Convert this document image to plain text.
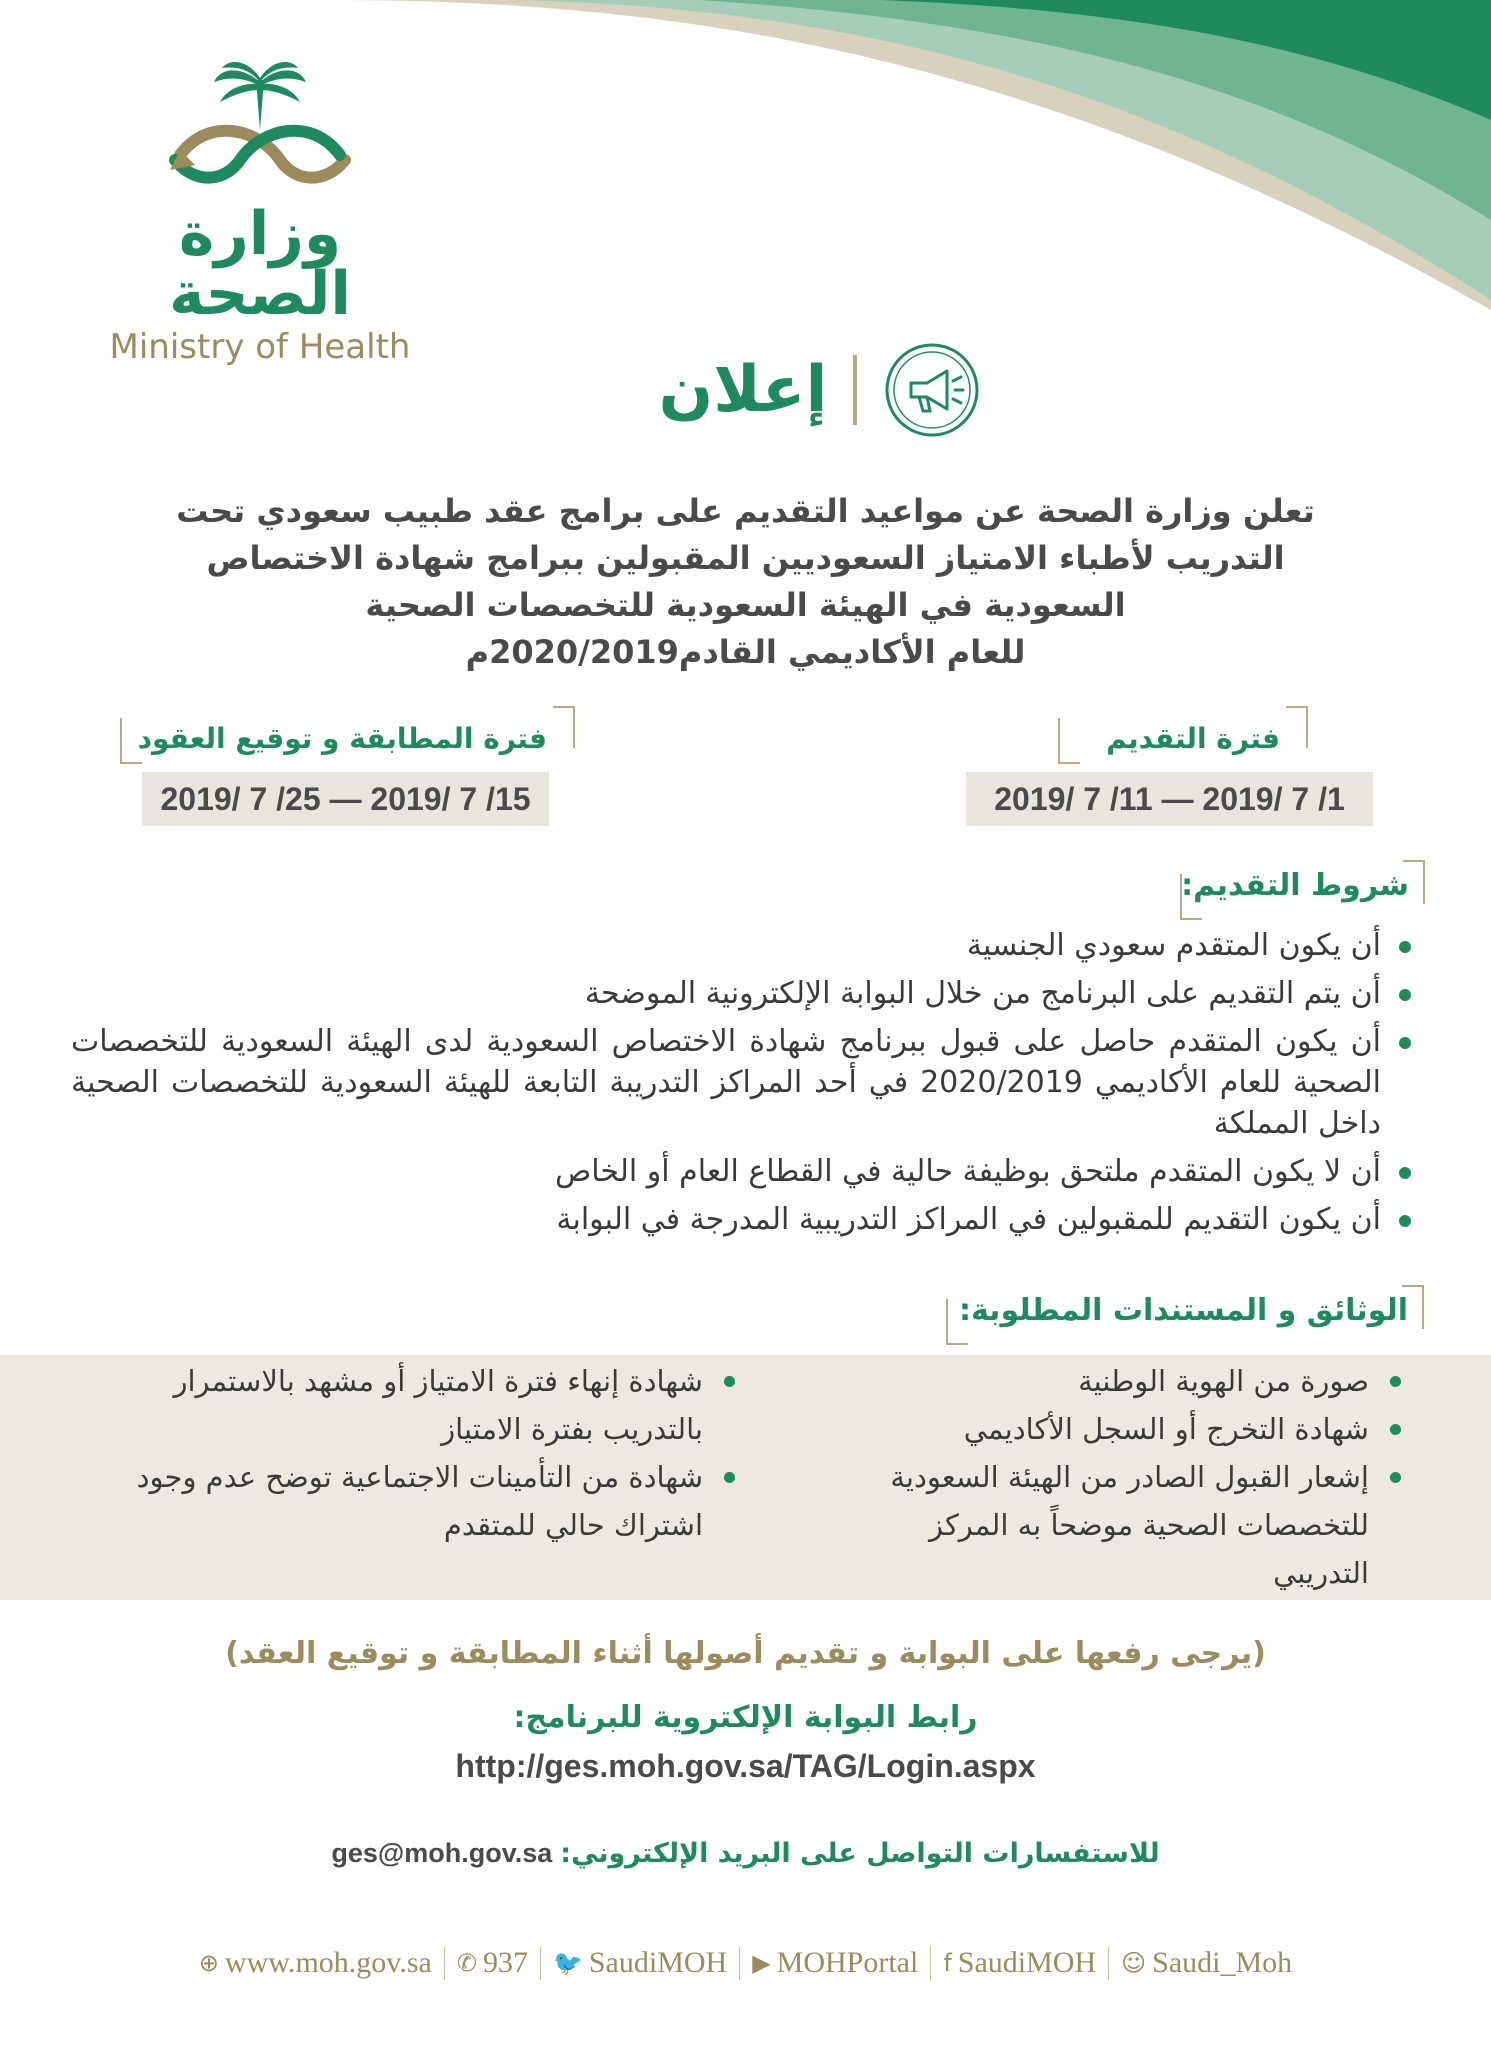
وزارة الصحة
Ministry of Health
إعلان
تعلن وزارة الصحة عن مواعيد التقديم على برامج عقد طبيب سعودي تحت
التدريب لأطباء الامتياز السعوديين المقبولين ببرامج شهادة الاختصاص
السعودية في الهيئة السعودية للتخصصات الصحية
للعام الأكاديمي القادم2020/2019م
فترة التقديم
1/ 7 /2019 — 11/ 7 /2019
فترة المطابقة و توقيع العقود
15/ 7 /2019 — 25/ 7 /2019
شروط التقديم:
أن يكون المتقدم سعودي الجنسية
أن يتم التقديم على البرنامج من خلال البوابة الإلكترونية الموضحة
أن يكون المتقدم حاصل على قبول ببرنامج شهادة الاختصاص السعودية لدى الهيئة السعودية للتخصصات الصحية للعام الأكاديمي 2020/2019 في أحد المراكز التدريبة التابعة للهيئة السعودية للتخصصات الصحية داخل المملكة
أن لا يكون المتقدم ملتحق بوظيفة حالية في القطاع العام أو الخاص
أن يكون التقديم للمقبولين في المراكز التدريبية المدرجة في البوابة
الوثائق و المستندات المطلوبة:
صورة من الهوية الوطنية
شهادة التخرج أو السجل الأكاديمي
إشعار القبول الصادر من الهيئة السعودية للتخصصات الصحية موضحاً به المركز التدريبي
شهادة إنهاء فترة الامتياز أو مشهد بالاستمرار بالتدريب بفترة الامتياز
شهادة من التأمينات الاجتماعية توضح عدم وجود اشتراك حالي للمتقدم
(يرجى رفعها على البوابة و تقديم أصولها أثناء المطابقة و توقيع العقد)
رابط البوابة الإلكتروية للبرنامج:
http://ges.moh.gov.sa/TAG/Login.aspx
للاستفسارات التواصل على البريد الإلكتروني:
ges@moh.gov.sa
⊕ www.moh.gov.sa ✆ 937 🐦 SaudiMOH ▶ MOHPortal f SaudiMOH ☺ Saudi_Moh
